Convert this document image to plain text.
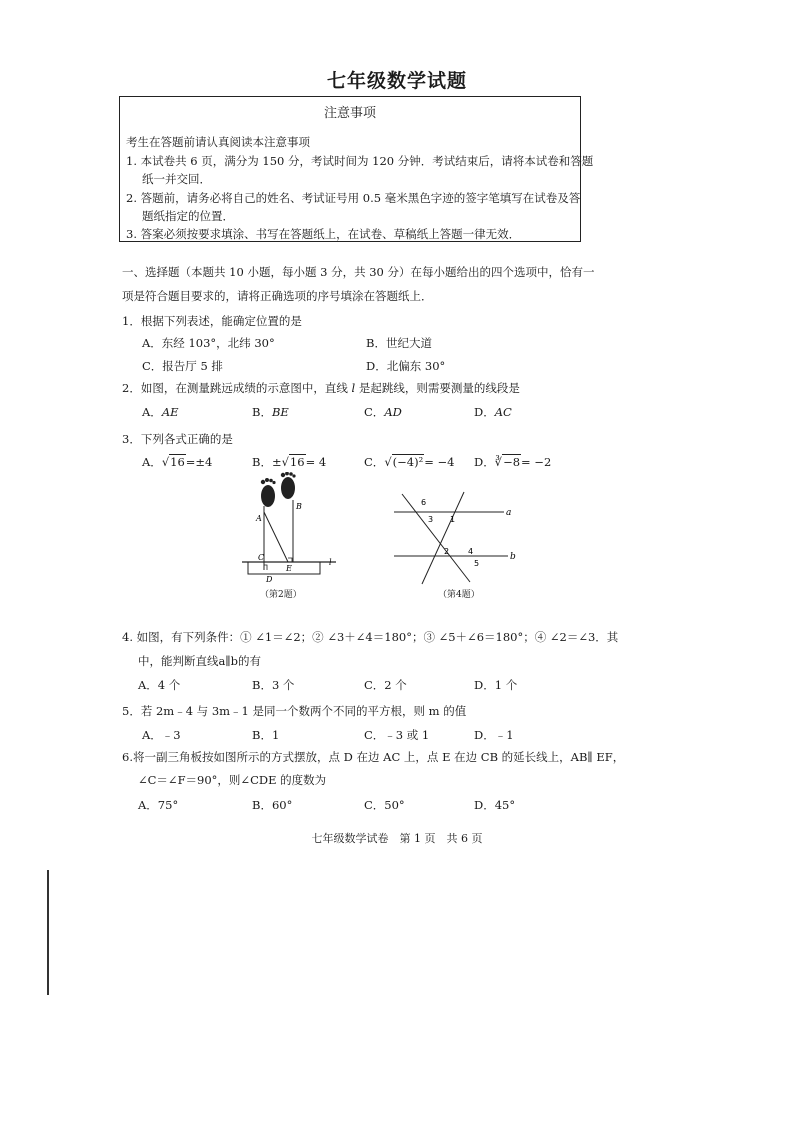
七年级数学试题
注意事项
考生在答题前请认真阅读本注意事项
1. 本试卷共 6 页，满分为 150 分，考试时间为 120 分钟．考试结束后，请将本试卷和答题
纸一并交回．
2. 答题前，请务必将自己的姓名、考试证号用 0.5 毫米黑色字迹的签字笔填写在试卷及答
题纸指定的位置．
3. 答案必须按要求填涂、书写在答题纸上，在试卷、草稿纸上答题一律无效．
一、选择题（本题共 10 小题，每小题 3 分，共 30 分）在每小题给出的四个选项中，恰有一
项是符合题目要求的，请将正确选项的序号填涂在答题纸上．
1．根据下列表述，能确定位置的是
A．东经 103°，北纬 30°	B．世纪大道
C．报告厅 5 排	D．北偏东 30°
2．如图，在测量跳远成绩的示意图中，直线 l 是起跳线，则需要测量的线段是
A．AE	B．BE	C．AD	D．AC
3．下列各式正确的是
A．√16=±4	B．±√16= 4	C．√(−4)²= −4 D．∛−8= −2
A
B
C
D
E
l
（第2题）
6
3 1
2 4
5
a
b
（第4题）
4. 如图，有下列条件：① ∠1＝∠2；② ∠3＋∠4＝180°；③ ∠5＋∠6＝180°；④ ∠2＝∠3．其
中，能判断直线a∥b的有
A．4 个	B．3 个	C．2 个	D．1 个
5．若 2m﹣4 与 3m﹣1 是同一个数两个不同的平方根，则 m 的值
A．﹣3	B．1	C．﹣3 或 1	D．﹣1
6.将一副三角板按如图所示的方式摆放，点 D 在边 AC 上，点 E 在边 CB 的延长线上，AB∥ EF，
∠C＝∠F＝90°，则∠CDE 的度数为
A．75°	B．60°	C．50°	D．45°
七年级数学试卷　第 1 页　共 6 页
